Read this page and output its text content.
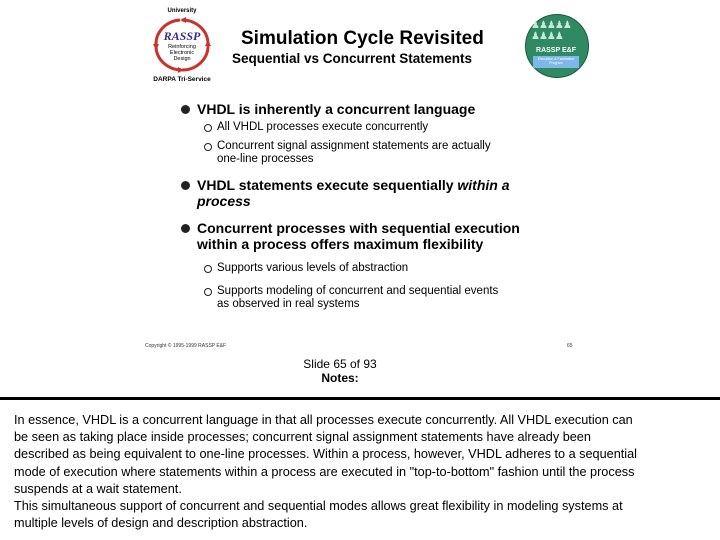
University
RASSP
Reinforcing
Electronic
Design
DARPA Tri-Service
Simulation Cycle Revisited
Sequential vs Concurrent Statements
♟♟♟♟♟
♟♟♟♟
RASSP E&F
Education & Facilitation
Program
VHDL is inherently a concurrent language
All VHDL processes execute concurrently
Concurrent signal assignment statements are actually
one-line processes
VHDL statements execute sequentially within a
process
Concurrent processes with sequential execution
within a process offers maximum flexibility
Supports various levels of abstraction
Supports modeling of concurrent and sequential events
as observed in real systems
Copyright © 1995-1999 RASSP E&F	65
Slide 65 of 93
Notes:
In essence, VHDL is a concurrent language in that all processes execute concurrently. All VHDL execution can
be seen as taking place inside processes; concurrent signal assignment statements have already been
described as being equivalent to one-line processes. Within a process, however, VHDL adheres to a sequential
mode of execution where statements within a process are executed in "top-to-bottom" fashion until the process
suspends at a wait statement.
This simultaneous support of concurrent and sequential modes allows great flexibility in modeling systems at
multiple levels of design and description abstraction.
